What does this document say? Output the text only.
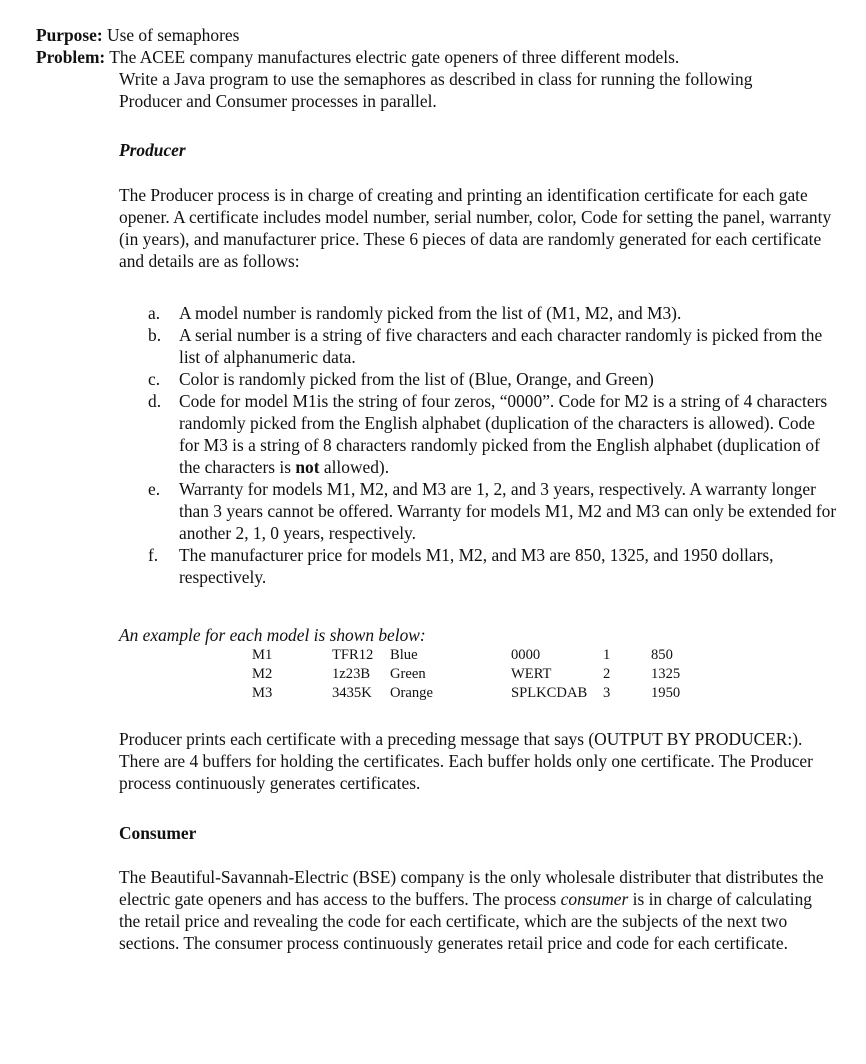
Purpose: Use of semaphores
Problem: The ACEE company manufactures electric gate openers of three different models.
Write a Java program to use the semaphores as described in class for running the following Producer and Consumer processes in parallel.
Producer
The Producer process is in charge of creating and printing an identification certificate for each gate opener. A certificate includes model number, serial number, color, Code for setting the panel, warranty (in years), and manufacturer price. These 6 pieces of data are randomly generated for each certificate and details are as follows:
a. A model number is randomly picked from the list of (M1, M2, and M3).
b. A serial number is a string of five characters and each character randomly is picked from the list of alphanumeric data.
c. Color is randomly picked from the list of (Blue, Orange, and Green)
d. Code for model M1is the string of four zeros, “0000”. Code for M2 is a string of 4 characters randomly picked from the English alphabet (duplication of the characters is allowed). Code for M3 is a string of 8 characters randomly picked from the English alphabet (duplication of the characters is not allowed).
e. Warranty for models M1, M2, and M3 are 1, 2, and 3 years, respectively. A warranty longer than 3 years cannot be offered. Warranty for models M1, M2 and M3 can only be extended for another 2, 1, 0 years, respectively.
f. The manufacturer price for models M1, M2, and M3 are 850, 1325, and 1950 dollars, respectively.
An example for each model is shown below:
M1	TFR12	Blue	0000	1	850
M2	1z23B	Green	WERT	2	1325
M3	3435K	Orange	SPLKCDAB	3	1950
Producer prints each certificate with a preceding message that says (OUTPUT BY PRODUCER:). There are 4 buffers for holding the certificates. Each buffer holds only one certificate. The Producer process continuously generates certificates.
Consumer
The Beautiful-Savannah-Electric (BSE) company is the only wholesale distributer that distributes the electric gate openers and has access to the buffers. The process consumer is in charge of calculating the retail price and revealing the code for each certificate, which are the subjects of the next two sections. The consumer process continuously generates retail price and code for each certificate.
